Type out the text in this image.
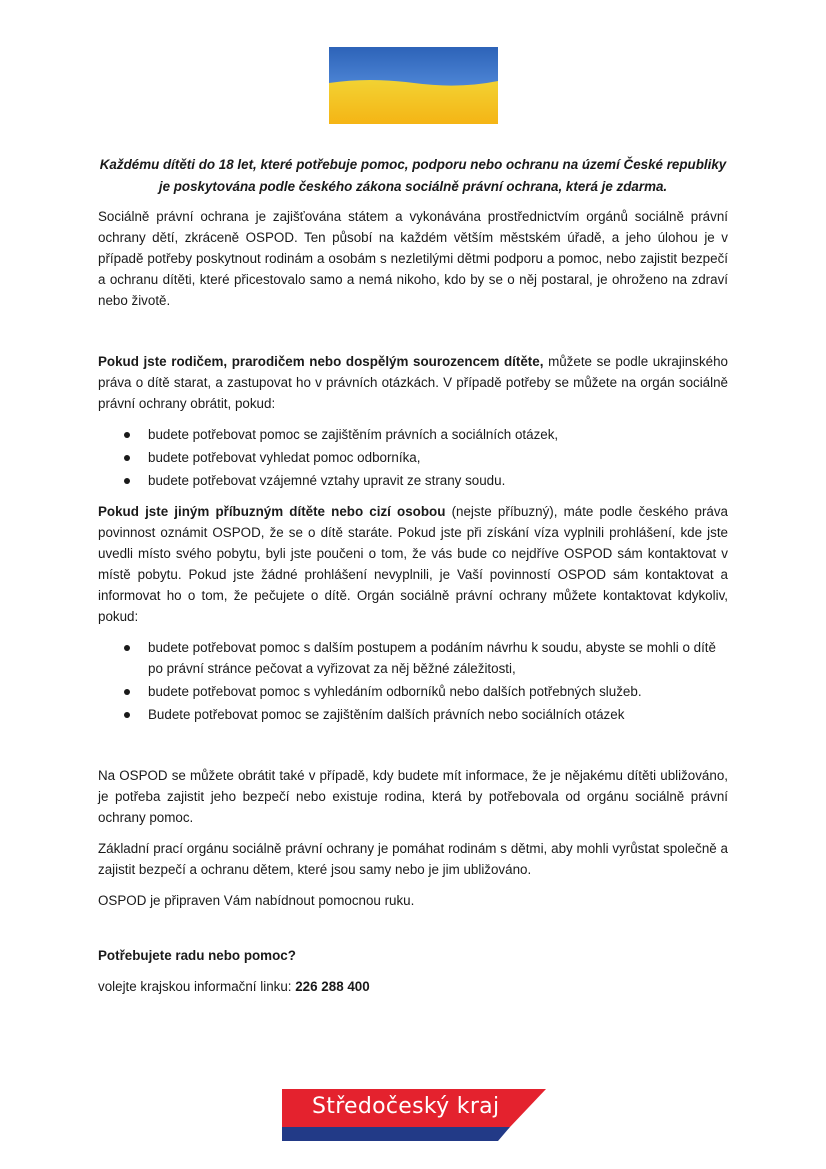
Každému dítěti do 18 let, které potřebuje pomoc, podporu nebo ochranu na území České republiky
je poskytována podle českého zákona sociálně právní ochrana, která je zdarma.

Sociálně právní ochrana je zajišťována státem a vykonávána prostřednictvím orgánů sociálně právní ochrany dětí, zkráceně OSPOD. Ten působí na každém větším městském úřadě, a jeho úlohou je v případě potřeby poskytnout rodinám a osobám s nezletilými dětmi podporu a pomoc, nebo zajistit bezpečí a ochranu dítěti, které přicestovalo samo a nemá nikoho, kdo by se o něj postaral, je ohroženo na zdraví nebo životě.

Pokud jste rodičem, prarodičem nebo dospělým sourozencem dítěte, můžete se podle ukrajinského práva o dítě starat, a zastupovat ho v právních otázkách. V případě potřeby se můžete na orgán sociálně právní ochrany obrátit, pokud:

budete potřebovat pomoc se zajištěním právních a sociálních otázek,
budete potřebovat vyhledat pomoc odborníka,
budete potřebovat vzájemné vztahy upravit ze strany soudu.

Pokud jste jiným příbuzným dítěte nebo cizí osobou (nejste příbuzný), máte podle českého práva povinnost oznámit OSPOD, že se o dítě staráte. Pokud jste při získání víza vyplnili prohlášení, kde jste uvedli místo svého pobytu, byli jste poučeni o tom, že vás bude co nejdříve OSPOD sám kontaktovat v místě pobytu. Pokud jste žádné prohlášení nevyplnili, je Vaší povinností OSPOD sám kontaktovat a informovat ho o tom, že pečujete o dítě. Orgán sociálně právní ochrany můžete kontaktovat kdykoliv, pokud:

budete potřebovat pomoc s dalším postupem a podáním návrhu k soudu, abyste se mohli o dítě po právní stránce pečovat a vyřizovat za něj běžné záležitosti,
budete potřebovat pomoc s vyhledáním odborníků nebo dalších potřebných služeb.
Budete potřebovat pomoc se zajištěním dalších právních nebo sociálních otázek

Na OSPOD se můžete obrátit také v případě, kdy budete mít informace, že je nějakému dítěti ubližováno, je potřeba zajistit jeho bezpečí nebo existuje rodina, která by potřebovala od orgánu sociálně právní ochrany pomoc.

Základní prací orgánu sociálně právní ochrany je pomáhat rodinám s dětmi, aby mohli vyrůstat společně a zajistit bezpečí a ochranu dětem, které jsou samy nebo je jim ubližováno.

OSPOD je připraven Vám nabídnout pomocnou ruku.

Potřebujete radu nebo pomoc?

volejte krajskou informační linku: 226 288 400

Středočeský kraj
